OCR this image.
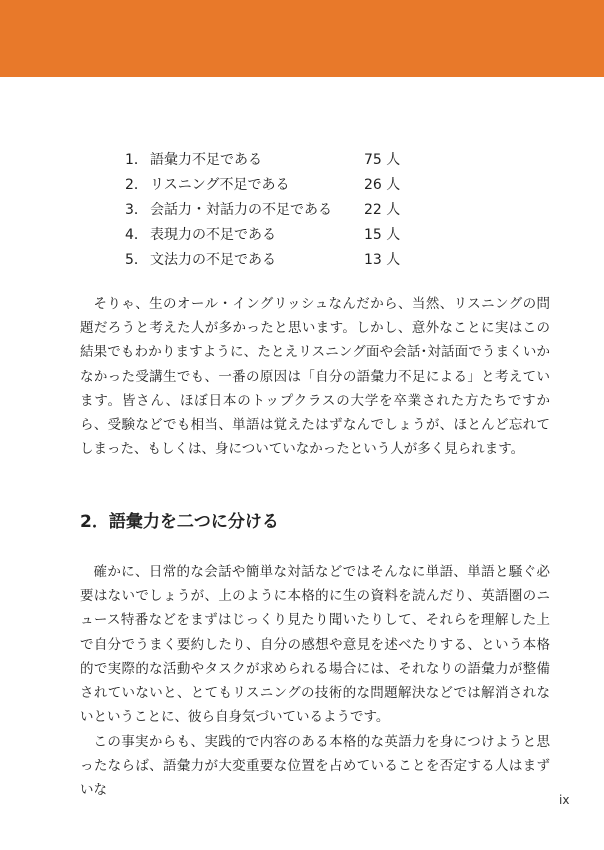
1． 語彙力不足である	75 人
2． リスニング不足である	26 人
3． 会話力・対話力の不足である 22 人
4． 表現力の不足である	15 人
5． 文法力の不足である	13 人

そりゃ、生のオール・イングリッシュなんだから、当然、リスニングの問題だろうと考えた人が多かったと思います。しかし、意外なことに実はこの結果でもわかりますように、たとえリスニング面や会話･対話面でうまくいかなかった受講生でも、一番の原因は「自分の語彙力不足による」と考えています。皆さん、ほぼ日本のトップクラスの大学を卒業された方たちですから、受験などでも相当、単語は覚えたはずなんでしょうが、ほとんど忘れてしまった、もしくは、身についていなかったという人が多く見られます。

2．語彙力を二つに分ける

確かに、日常的な会話や簡単な対話などではそんなに単語、単語と騒ぐ必要はないでしょうが、上のように本格的に生の資料を読んだり、英語圏のニュース特番などをまずはじっくり見たり聞いたりして、それらを理解した上で自分でうまく要約したり、自分の感想や意見を述べたりする、という本格的で実際的な活動やタスクが求められる場合には、それなりの語彙力が整備されていないと、とてもリスニングの技術的な問題解決などでは解消されないということに、彼ら自身気づいているようです。

この事実からも、実践的で内容のある本格的な英語力を身につけようと思ったならば、語彙力が大変重要な位置を占めていることを否定する人はまずいな

ix
